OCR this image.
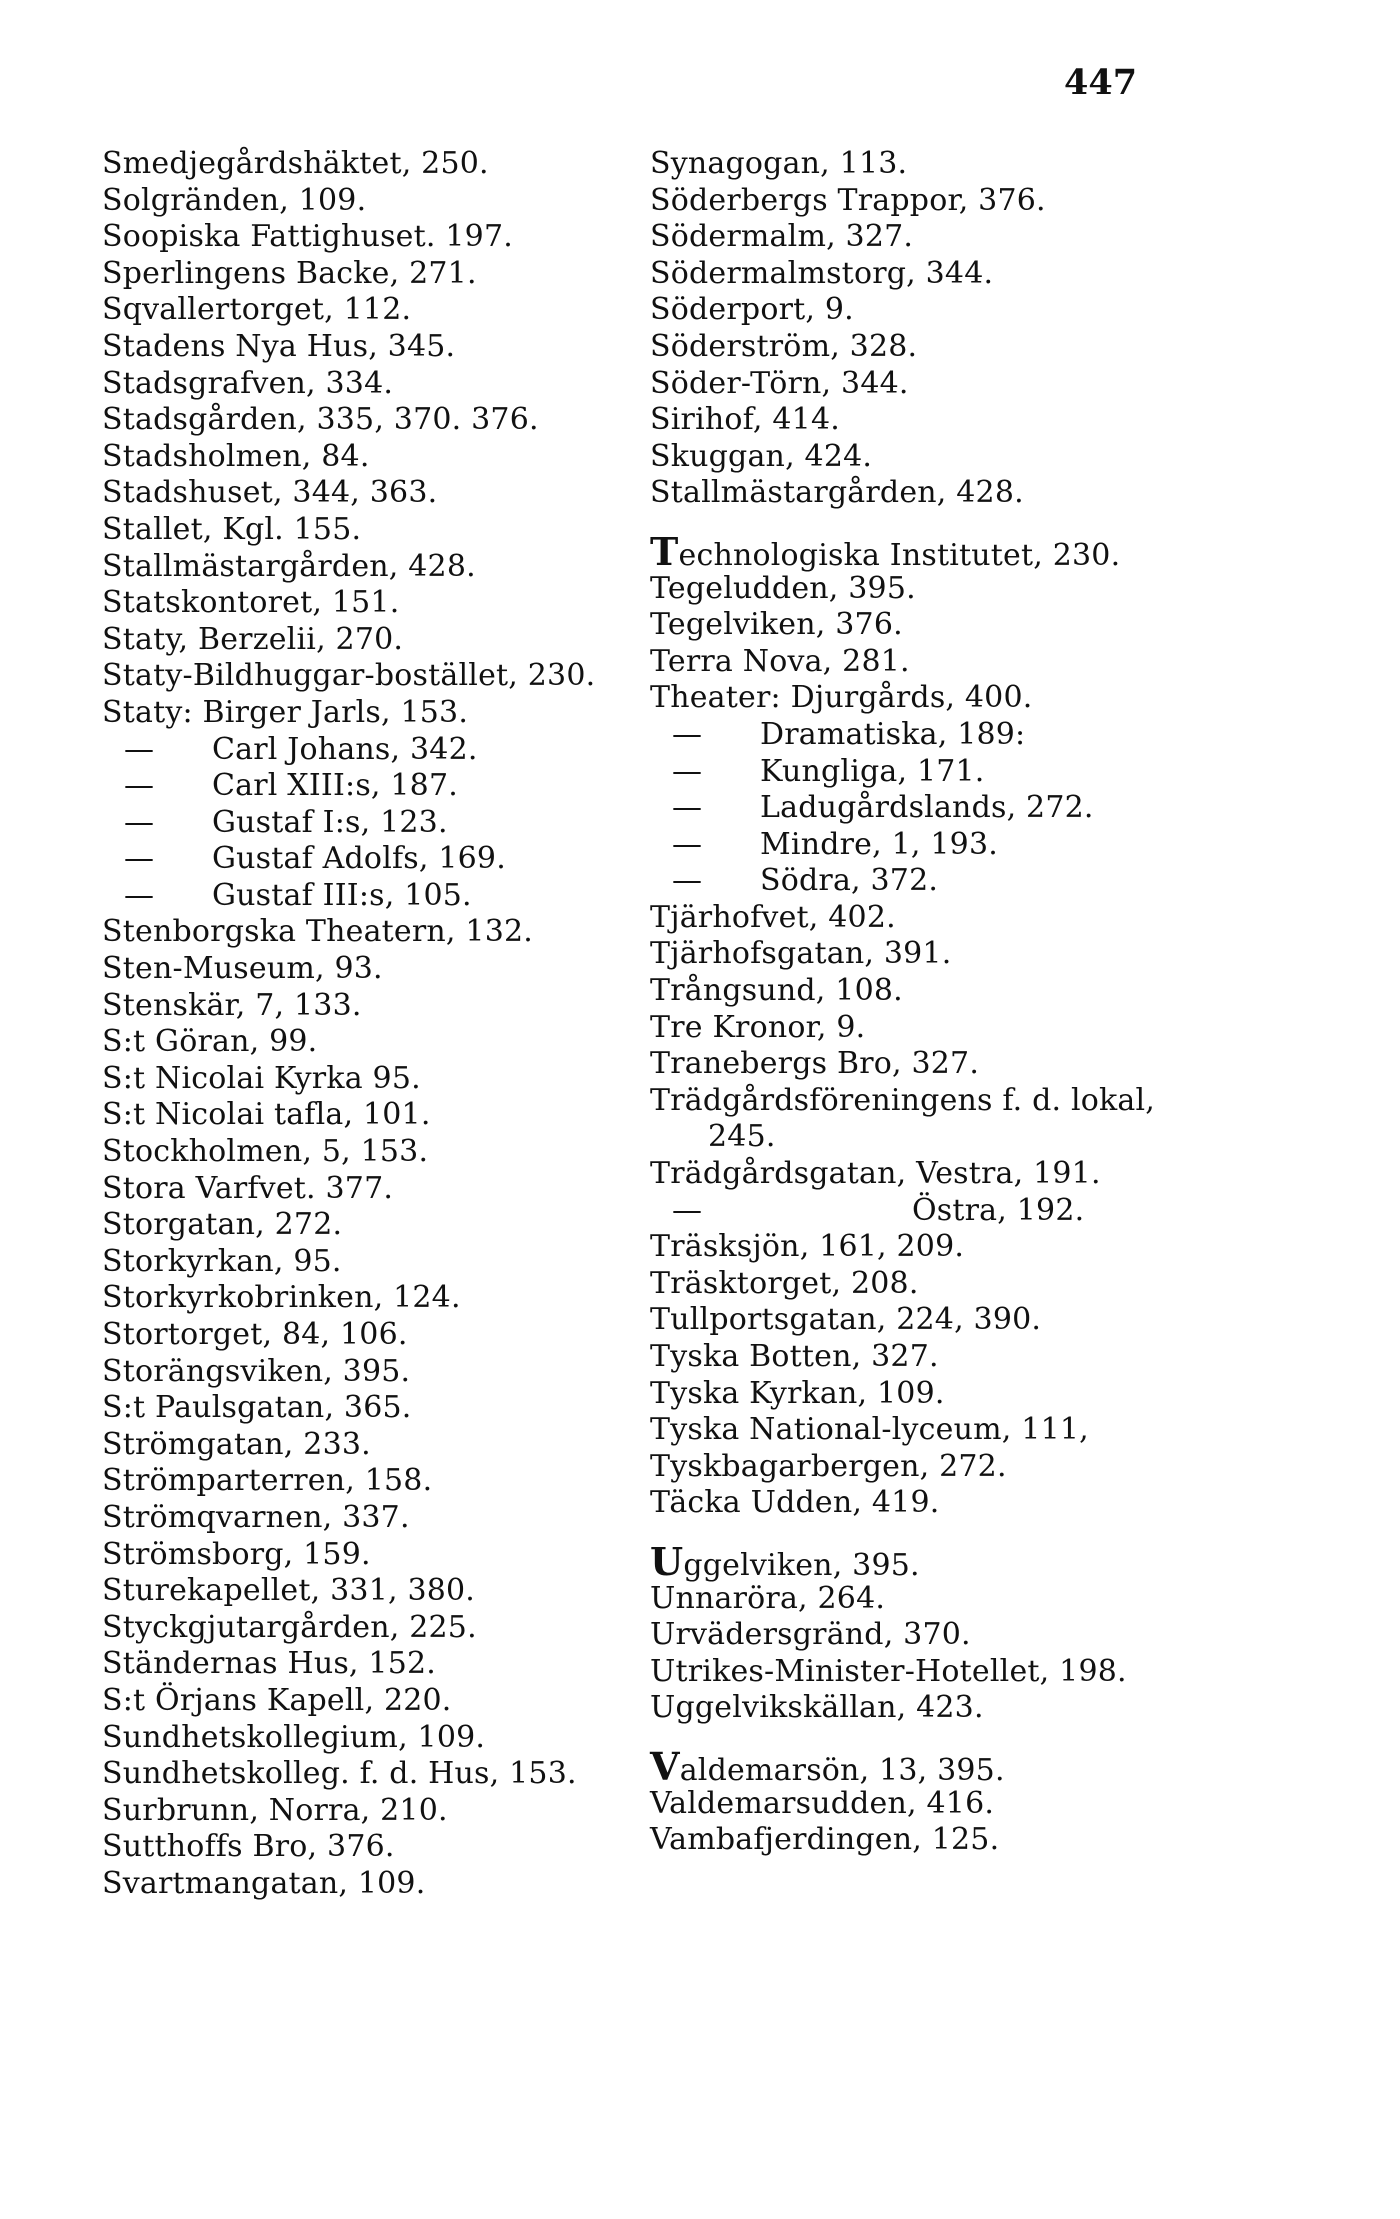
447
Smedjegårdshäktet, 250.
Solgränden, 109.
Soopiska Fattighuset. 197.
Sperlingens Backe, 271.
Sqvallertorget, 112.
Stadens Nya Hus, 345.
Stadsgrafven, 334.
Stadsgården, 335, 370. 376.
Stadsholmen, 84.
Stadshuset, 344, 363.
Stallet, Kgl. 155.
Stallmästargården, 428.
Statskontoret, 151.
Staty, Berzelii, 270.
Staty-Bildhuggar-bostället, 230.
Staty: Birger Jarls, 153.
— Carl Johans, 342.
— Carl XIII:s, 187.
— Gustaf I:s, 123.
— Gustaf Adolfs, 169.
— Gustaf III:s, 105.
Stenborgska Theatern, 132.
Sten-Museum, 93.
Stenskär, 7, 133.
S:t Göran, 99.
S:t Nicolai Kyrka 95.
S:t Nicolai tafla, 101.
Stockholmen, 5, 153.
Stora Varfvet. 377.
Storgatan, 272.
Storkyrkan, 95.
Storkyrkobrinken, 124.
Stortorget, 84, 106.
Storängsviken, 395.
S:t Paulsgatan, 365.
Strömgatan, 233.
Strömparterren, 158.
Strömqvarnen, 337.
Strömsborg, 159.
Sturekapellet, 331, 380.
Styckgjutargården, 225.
Ständernas Hus, 152.
S:t Örjans Kapell, 220.
Sundhetskollegium, 109.
Sundhetskolleg. f. d. Hus, 153.
Surbrunn, Norra, 210.
Sutthoffs Bro, 376.
Svartmangatan, 109.
Synagogan, 113.
Söderbergs Trappor, 376.
Södermalm, 327.
Södermalmstorg, 344.
Söderport, 9.
Söderström, 328.
Söder-Törn, 344.
Sirihof, 414.
Skuggan, 424.
Stallmästargården, 428.
Technologiska Institutet, 230.
Tegeludden, 395.
Tegelviken, 376.
Terra Nova, 281.
Theater: Djurgårds, 400.
— Dramatiska, 189:
— Kungliga, 171.
— Ladugårdslands, 272.
— Mindre, 1, 193.
— Södra, 372.
Tjärhofvet, 402.
Tjärhofsgatan, 391.
Trångsund, 108.
Tre Kronor, 9.
Tranebergs Bro, 327.
Trädgårdsföreningens f. d. lokal,
245.
Trädgårdsgatan, Vestra, 191.
— Östra, 192.
Träsksjön, 161, 209.
Träsktorget, 208.
Tullportsgatan, 224, 390.
Tyska Botten, 327.
Tyska Kyrkan, 109.
Tyska National-lyceum, 111,
Tyskbagarbergen, 272.
Täcka Udden, 419.
Uggelviken, 395.
Unnaröra, 264.
Urvädersgränd, 370.
Utrikes-Minister-Hotellet, 198.
Uggelvikskällan, 423.
Valdemarsön, 13, 395.
Valdemarsudden, 416.
Vambafjerdingen, 125.
